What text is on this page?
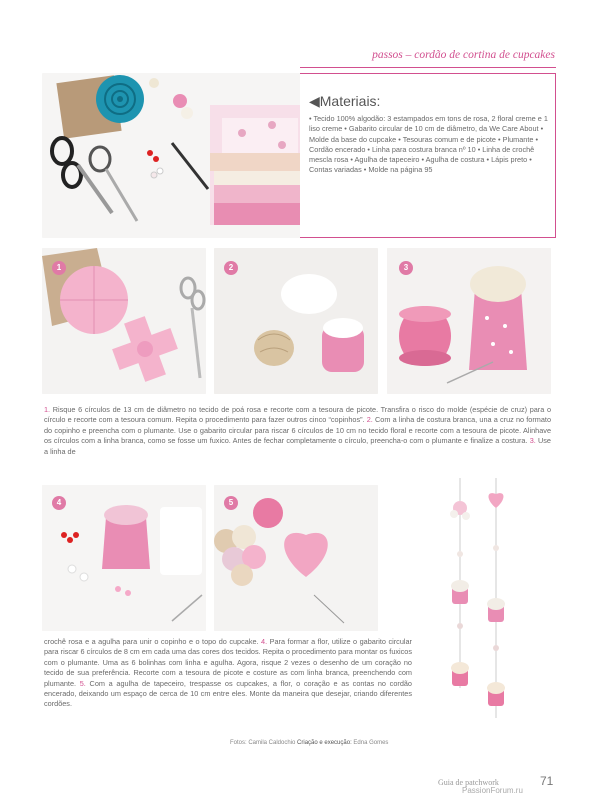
passos – cordão de cortina de cupcakes
◀Materiais:
• Tecido 100% algodão: 3 estampados em tons de rosa, 2 floral creme e 1 liso creme • Gabarito circular de 10 cm de diâmetro, da We Care About • Molde da base do cupcake • Tesouras comum e de picote • Plumante • Cordão encerado • Linha para costura branca nº 10 • Linha de crochê mescla rosa • Agulha de tapeceiro • Agulha de costura • Lápis preto • Contas variadas • Molde na página 95
1	2	3
1. Risque 6 círculos de 13 cm de diâmetro no tecido de poá rosa e recorte com a tesoura de picote. Transfira o risco do molde (espécie de cruz) para o círculo e recorte com a tesoura comum. Repita o procedimento para fazer outros cinco “copinhos”. 2. Com a linha de costura branca, una a cruz no formato do copinho e preencha com o plumante. Use o gabarito circular para riscar 6 círculos de 10 cm no tecido floral e recorte com a tesoura de picote. Alinhave os círculos com a linha branca, como se fosse um fuxico. Antes de fechar completamente o círculo, preencha-o com o plumante e finalize a costura. 3. Use a linha de
4	5
crochê rosa e a agulha para unir o copinho e o topo do cupcake. 4. Para formar a flor, utilize o gabarito circular para riscar 6 círculos de 8 cm em cada uma das cores dos tecidos. Repita o procedimento para montar os fuxicos com o plumante. Uma as 6 bolinhas com linha e agulha. Agora, risque 2 vezes o desenho de um coração no tecido de sua preferência. Recorte com a tesoura de picote e costure as com linha branca, preenchendo com plumante. 5. Com a agulha de tapeceiro, trespasse os cupcakes, a flor, o coração e as contas no cordão encerado, deixando um espaço de cerca de 10 cm entre eles. Monte da maneira que desejar, criando diferentes cordões.
Fotos: Camila Caldochio Criação e execução: Edna Gomes
Guia de patchwork	71
PassionForum.ru
